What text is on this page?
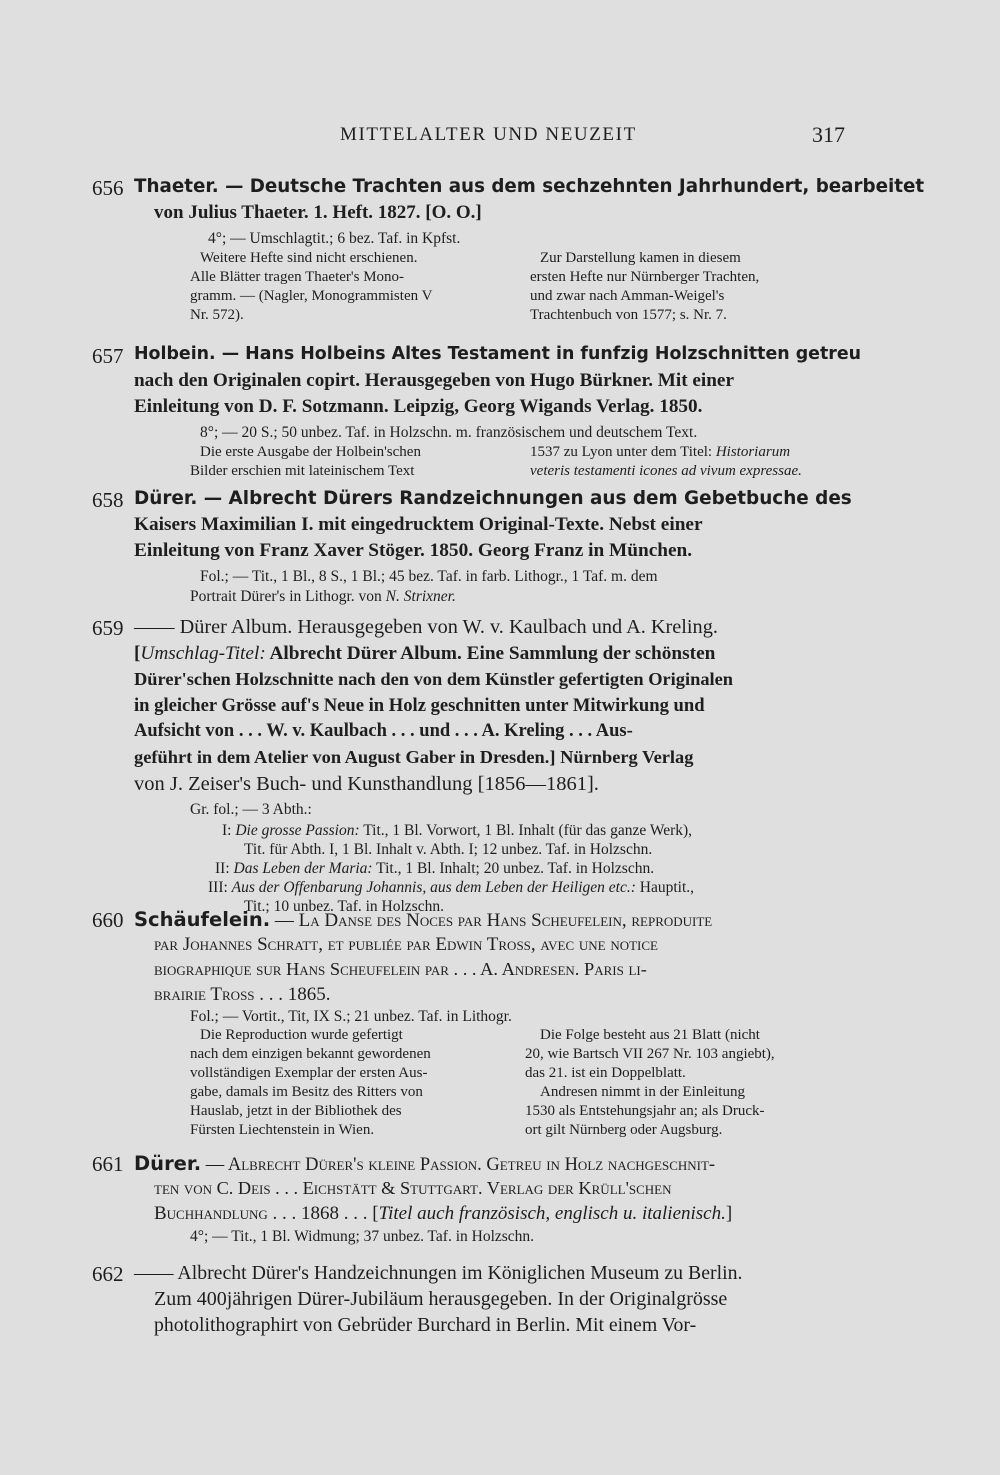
MITTELALTER UND NEUZEIT	317
656 Thaeter. — Deutsche Trachten aus dem sechzehnten Jahrhundert, bearbeitet
von Julius Thaeter. 1. Heft. 1827. [O. O.]
4°; — Umschlagtit.; 6 bez. Taf. in Kpfst.
Weitere Hefte sind nicht erschienen.
Alle Blätter tragen Thaeter's Mono-
gramm. — (Nagler, Monogrammisten V
Nr. 572).
Zur Darstellung kamen in diesem
ersten Hefte nur Nürnberger Trachten,
und zwar nach Amman-Weigel's
Trachtenbuch von 1577; s. Nr. 7.
657 Holbein. — Hans Holbeins Altes Testament in funfzig Holzschnitten getreu
nach den Originalen copirt. Herausgegeben von Hugo Bürkner. Mit einer
Einleitung von D. F. Sotzmann. Leipzig, Georg Wigands Verlag. 1850.
8°; — 20 S.; 50 unbez. Taf. in Holzschn. m. französischem und deutschem Text.
Die erste Ausgabe der Holbein'schen
Bilder erschien mit lateinischem Text
1537 zu Lyon unter dem Titel: Historiarum
veteris testamenti icones ad vivum expressae.
658 Dürer. — Albrecht Dürers Randzeichnungen aus dem Gebetbuche des
Kaisers Maximilian I. mit eingedrucktem Original-Texte. Nebst einer
Einleitung von Franz Xaver Stöger. 1850. Georg Franz in München.
Fol.; — Tit., 1 Bl., 8 S., 1 Bl.; 45 bez. Taf. in farb. Lithogr., 1 Taf. m. dem
Portrait Dürer's in Lithogr. von N. Strixner.
659 —— Dürer Album. Herausgegeben von W. v. Kaulbach und A. Kreling.
[Umschlag-Titel: Albrecht Dürer Album. Eine Sammlung der schönsten
Dürer'schen Holzschnitte nach den von dem Künstler gefertigten Originalen
in gleicher Grösse auf's Neue in Holz geschnitten unter Mitwirkung und
Aufsicht von . . . W. v. Kaulbach . . . und . . . A. Kreling . . . Aus-
geführt in dem Atelier von August Gaber in Dresden.] Nürnberg Verlag
von J. Zeiser's Buch- und Kunsthandlung [1856—1861].
Gr. fol.; — 3 Abth.:
I: Die grosse Passion: Tit., 1 Bl. Vorwort, 1 Bl. Inhalt (für das ganze Werk),
Tit. für Abth. I, 1 Bl. Inhalt v. Abth. I; 12 unbez. Taf. in Holzschn.
II: Das Leben der Maria: Tit., 1 Bl. Inhalt; 20 unbez. Taf. in Holzschn.
III: Aus der Offenbarung Johannis, aus dem Leben der Heiligen etc.: Hauptit.,
Tit.; 10 unbez. Taf. in Holzschn.
660 Schäufelein. — La Danse des Noces par Hans Scheufelein, reproduite
par Johannes Schratt, et publiée par Edwin Tross, avec une notice
biographique sur Hans Scheufelein par . . . A. Andresen. Paris li-
brairie Tross . . . 1865.
Fol.; — Vortit., Tit, IX S.; 21 unbez. Taf. in Lithogr.
Die Reproduction wurde gefertigt
nach dem einzigen bekannt gewordenen
vollständigen Exemplar der ersten Aus-
gabe, damals im Besitz des Ritters von
Hauslab, jetzt in der Bibliothek des
Fürsten Liechtenstein in Wien.
Die Folge besteht aus 21 Blatt (nicht
20, wie Bartsch VII 267 Nr. 103 angiebt),
das 21. ist ein Doppelblatt.
Andresen nimmt in der Einleitung
1530 als Entstehungsjahr an; als Druck-
ort gilt Nürnberg oder Augsburg.
661 Dürer. — Albrecht Dürer's kleine Passion. Getreu in Holz nachgeschnit-
ten von C. Deis . . . Eichstätt & Stuttgart. Verlag der Krüll'schen
Buchhandlung . . . 1868 . . . [Titel auch französisch, englisch u. italienisch.]
4°; — Tit., 1 Bl. Widmung; 37 unbez. Taf. in Holzschn.
662 —— Albrecht Dürer's Handzeichnungen im Königlichen Museum zu Berlin.
Zum 400jährigen Dürer-Jubiläum herausgegeben. In der Originalgrösse
photolithographirt von Gebrüder Burchard in Berlin. Mit einem Vor-
